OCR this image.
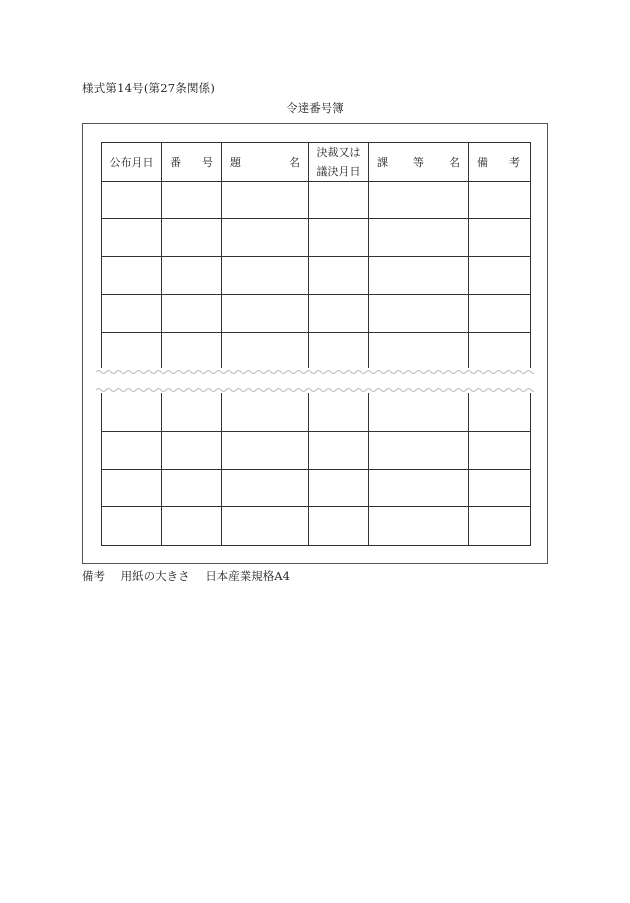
様式第14号(第27条関係)
令達番号簿
公布月日 番 号 題	名
決裁又は
議決月日
課 等 名 備 考
備考 用紙の大きさ 日本産業規格A4
